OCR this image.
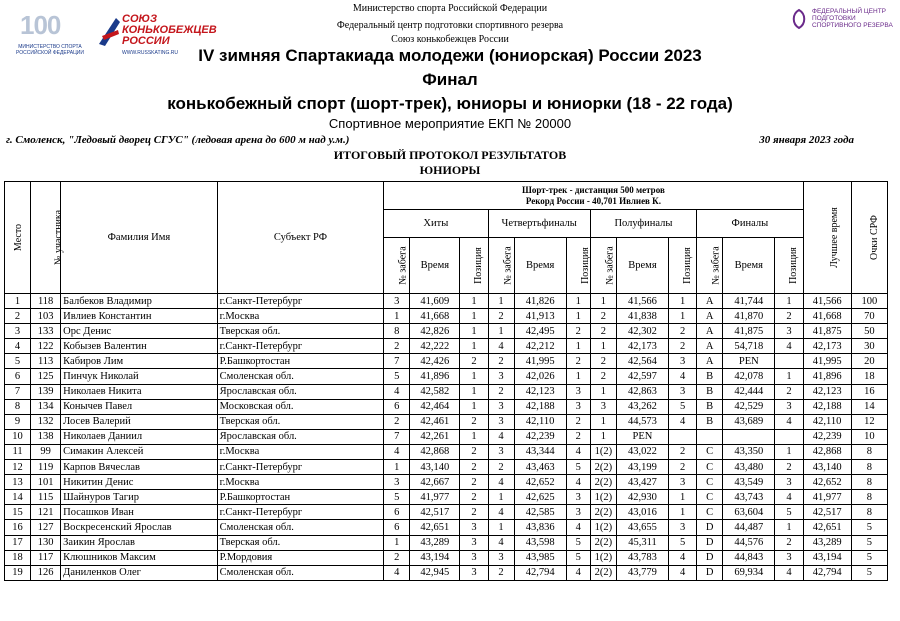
100
МИНИСТЕРСТВО СПОРТА РОССИЙСКОЙ ФЕДЕРАЦИИ
СОЮЗ
КОНЬКОБЕЖЦЕВ
РОССИИ
WWW.RUSSKATING.RU
ФЕДЕРАЛЬНЫЙ ЦЕНТР
ПОДГОТОВКИ
СПОРТИВНОГО РЕЗЕРВА
Министерство спорта Российской Федерации
Федеральный центр подготовки спортивного резерва
Союз конькобежцев России
IV зимняя Спартакиада молодежи (юниорская) России 2023
Финал
конькобежный спорт (шорт-трек), юниоры и юниорки (18 - 22 года)
Спортивное мероприятие ЕКП № 20000
г. Смоленск, "Ледовый дворец СГУС" (ледовая арена до 600 м над у.м.)	30 января 2023 года
ИТОГОВЫЙ ПРОТОКОЛ РЕЗУЛЬТАТОВ
ЮНИОРЫ
Место	№ участника	Фамилия Имя	Субъект РФ	Шорт-трек - дистанция 500 метров
Рекорд России - 40,701 Ивлиев К.												Лучшее время	Очки СРФ
				Хиты			Четвертьфиналы			Полуфиналы			Финалы				
				№ забега	Время	Позиция	№ забега	Время	Позиция	№ забега	Время	Позиция	№ забега	Время	Позиция		
1	118	Балбеков Владимир	г.Санкт-Петербург	3	41,609	1	1	41,826	1	1	41,566	1	A	41,744	1	41,566	100
2	103	Ивлиев Константин	г.Москва	1	41,668	1	2	41,913	1	2	41,838	1	A	41,870	2	41,668	70
3	133	Орс Денис	Тверская обл.	8	42,826	1	1	42,495	2	2	42,302	2	A	41,875	3	41,875	50
4	122	Кобызев Валентин	г.Санкт-Петербург	2	42,222	1	4	42,212	1	1	42,173	2	A	54,718	4	42,173	30
5	113	Кабиров Лим	Р.Башкортостан	7	42,426	2	2	41,995	2	2	42,564	3	A	PEN		41,995	20
6	125	Пинчук Николай	Смоленская обл.	5	41,896	1	3	42,026	1	2	42,597	4	B	42,078	1	41,896	18
7	139	Николаев Никита	Ярославская обл.	4	42,582	1	2	42,123	3	1	42,863	3	B	42,444	2	42,123	16
8	134	Конычев Павел	Московская обл.	6	42,464	1	3	42,188	3	3	43,262	5	B	42,529	3	42,188	14
9	132	Лосев Валерий	Тверская обл.	2	42,461	2	3	42,110	2	1	44,573	4	B	43,689	4	42,110	12
10	138	Николаев Даниил	Ярославская обл.	7	42,261	1	4	42,239	2	1	PEN					42,239	10
11	99	Симакин Алексей	г.Москва	4	42,868	2	3	43,344	4	1(2)	43,022	2	C	43,350	1	42,868	8
12	119	Карпов Вячеслав	г.Санкт-Петербург	1	43,140	2	2	43,463	5	2(2)	43,199	2	C	43,480	2	43,140	8
13	101	Никитин Денис	г.Москва	3	42,667	2	4	42,652	4	2(2)	43,427	3	C	43,549	3	42,652	8
14	115	Шайнуров Тагир	Р.Башкортостан	5	41,977	2	1	42,625	3	1(2)	42,930	1	C	43,743	4	41,977	8
15	121	Посашков Иван	г.Санкт-Петербург	6	42,517	2	4	42,585	3	2(2)	43,016	1	C	63,604	5	42,517	8
16	127	Воскресенский Ярослав	Смоленская обл.	6	42,651	3	1	43,836	4	1(2)	43,655	3	D	44,487	1	42,651	5
17	130	Заикин Ярослав	Тверская обл.	1	43,289	3	4	43,598	5	2(2)	45,311	5	D	44,576	2	43,289	5
18	117	Клюшников Максим	Р.Мордовия	2	43,194	3	3	43,985	5	1(2)	43,783	4	D	44,843	3	43,194	5
19	126	Даниленков Олег	Смоленская обл.	4	42,945	3	2	42,794	4	2(2)	43,779	4	D	69,934	4	42,794	5
